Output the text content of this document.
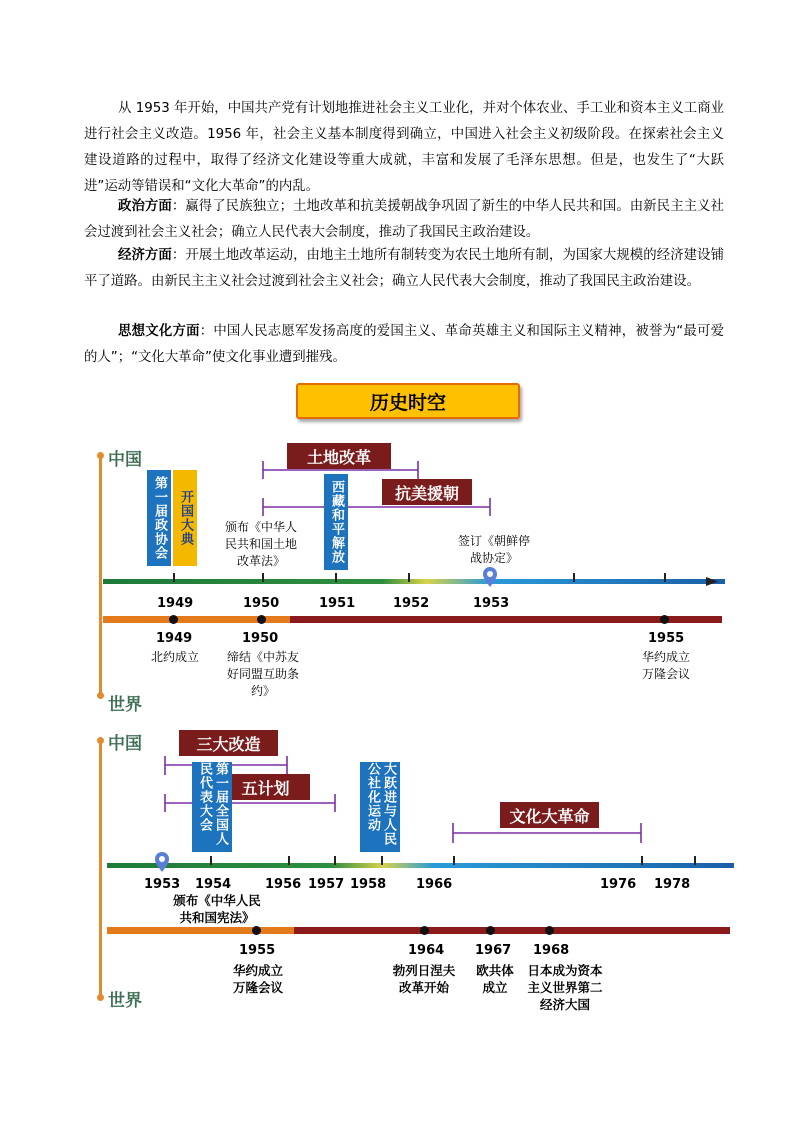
从 1953 年开始，中国共产党有计划地推进社会主义工业化，并对个体农业、手工业和资本主义工商业进行社会主义改造。1956 年，社会主义基本制度得到确立，中国进入社会主义初级阶段。在探索社会主义建设道路的过程中，取得了经济文化建设等重大成就，丰富和发展了毛泽东思想。但是，也发生了“大跃进”运动等错误和“文化大革命”的内乱。

政治方面：赢得了民族独立；土地改革和抗美援朝战争巩固了新生的中华人民共和国。由新民主主义社会过渡到社会主义社会；确立人民代表大会制度，推动了我国民主政治建设。

经济方面：开展土地改革运动，由地主土地所有制转变为农民土地所有制，为国家大规模的经济建设铺平了道路。由新民主主义社会过渡到社会主义社会；确立人民代表大会制度，推动了我国民主政治建设。

思想文化方面：中国人民志愿军发扬高度的爱国主义、革命英雄主义和国际主义精神，被誉为“最可爱的人”；“文化大革命”使文化事业遭到摧残。

历史时空
中国
世界
土地改革
抗美援朝
第一届政协会 开国大典	西藏和平解放
颁布《中华人民共和国土地改革法》
签订《朝鲜停战协定》
1949	1950	1951	1952	1953
1949	1950	1955
北约成立	缔结《中苏友好同盟互助条约》
华约成立
万隆会议
中国
世界
三大改造
五计划
第一届全国人民代表大会	大跃进与人民公社化运动	文化大革命
1953 1954	1956 1957 1958 1966	1976 1978
颁布《中华人民共和国宪法》
1955	1964 1967 1968
华约成立
万隆会议
勃列日涅夫
改革开始
欧共体
成立
日本成为资本
主义世界第二
经济大国
